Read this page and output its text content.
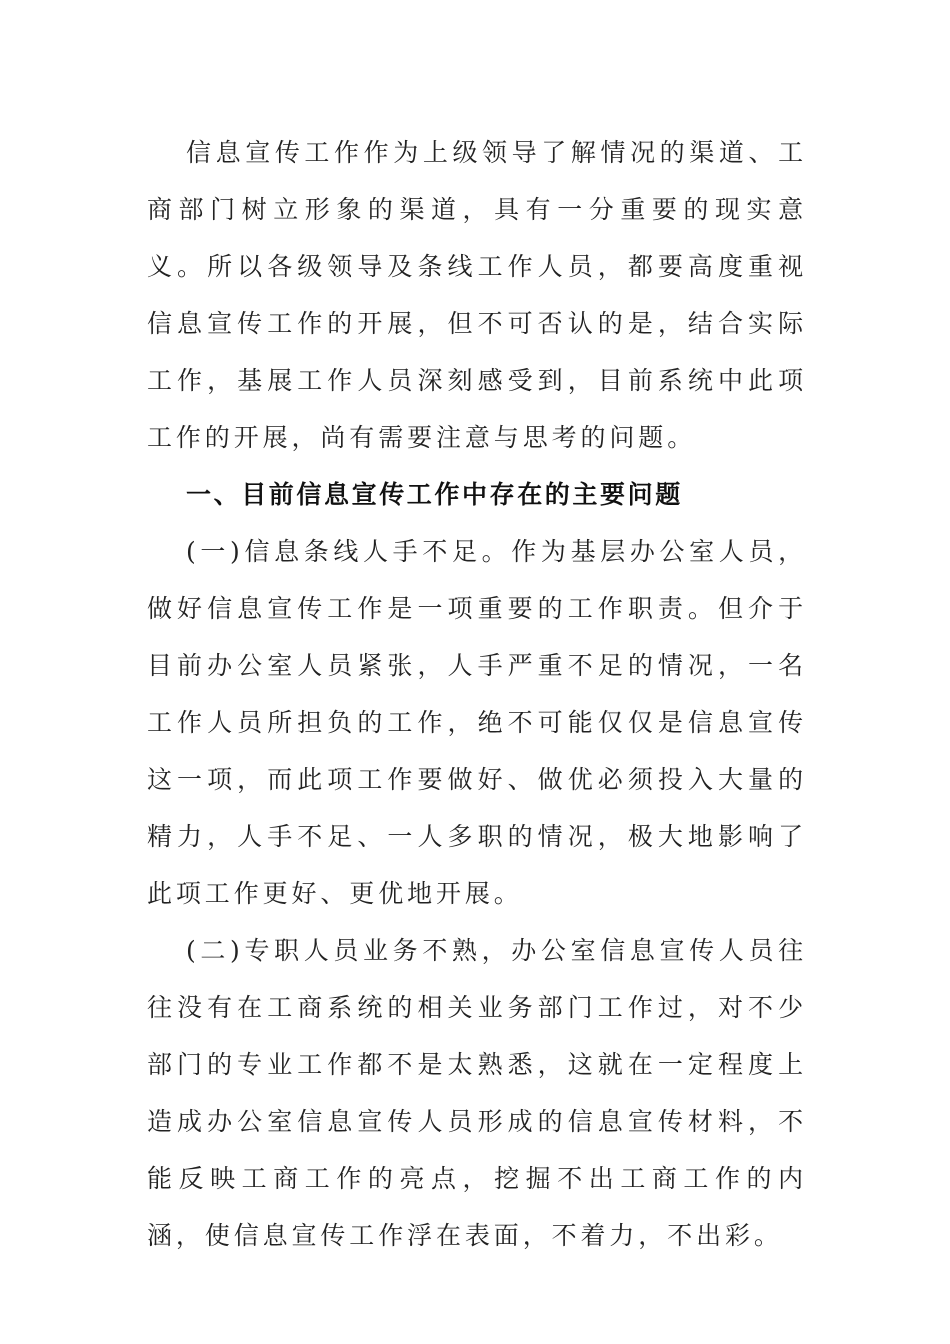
信息宣传工作作为上级领导了解情况的渠道、工商部门树立形象的渠道，具有一分重要的现实意义。所以各级领导及条线工作人员，都要高度重视信息宣传工作的开展，但不可否认的是，结合实际工作，基展工作人员深刻感受到，目前系统中此项工作的开展，尚有需要注意与思考的问题。

一、目前信息宣传工作中存在的主要问题

(一)信息条线人手不足。作为基层办公室人员，做好信息宣传工作是一项重要的工作职责。但介于目前办公室人员紧张，人手严重不足的情况，一名工作人员所担负的工作，绝不可能仅仅是信息宣传这一项，而此项工作要做好、做优必须投入大量的精力，人手不足、一人多职的情况，极大地影响了此项工作更好、更优地开展。

(二)专职人员业务不熟，办公室信息宣传人员往往没有在工商系统的相关业务部门工作过，对不少部门的专业工作都不是太熟悉，这就在一定程度上造成办公室信息宣传人员形成的信息宣传材料，不能反映工商工作的亮点，挖掘不出工商工作的内涵，使信息宣传工作浮在表面，不着力，不出彩。
